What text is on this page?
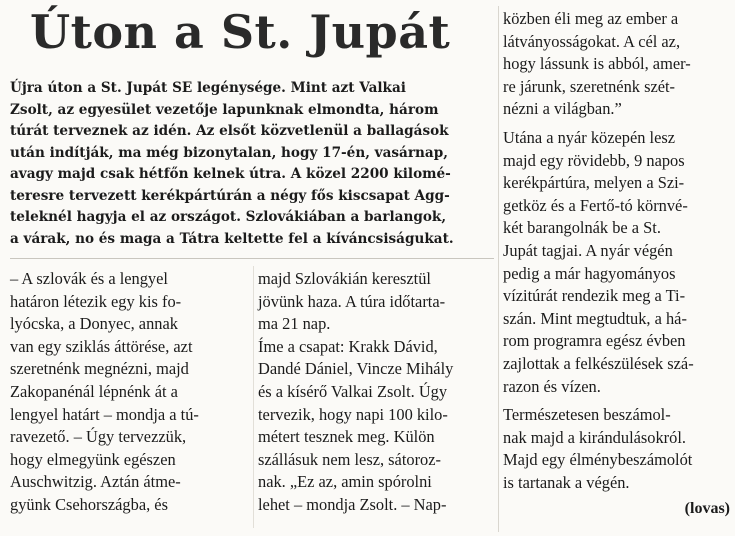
Úton a St. Jupát
Újra úton a St. Jupát SE legénysége. Mint azt Valkai
Zsolt, az egyesület vezetője lapunknak elmondta, három
túrát terveznek az idén. Az elsőt közvetlenül a ballagások
után indítják, ma még bizonytalan, hogy 17-én, vasárnap,
avagy majd csak hétfőn kelnek útra. A közel 2200 kilomé-
teresre tervezett kerékpártúrán a négy fős kiscsapat Agg-
teleknél hagyja el az országot. Szlovákiában a barlangok,
a várak, no és maga a Tátra keltette fel a kíváncsiságukat.
– A szlovák és a lengyel
határon létezik egy kis fo-
lyócska, a Donyec, annak
van egy sziklás áttörése, azt
szeretnénk megnézni, majd
Zakopanénál lépnénk át a
lengyel határt – mondja a tú-
ravezető. – Úgy tervezzük,
hogy elmegyünk egészen
Auschwitzig. Aztán átme-
gyünk Csehországba, és
majd Szlovákián keresztül
jövünk haza. A túra időtarta-
ma 21 nap.
Íme a csapat: Krakk Dávid,
Dandé Dániel, Vincze Mihály
és a kísérő Valkai Zsolt. Úgy
tervezik, hogy napi 100 kilo-
métert tesznek meg. Külön
szállásuk nem lesz, sátoroz-
nak. „Ez az, amin spórolni
lehet – mondja Zsolt. – Nap-
közben éli meg az ember a
látványosságokat. A cél az,
hogy lássunk is abból, amer-
re járunk, szeretnénk szét-
nézni a világban.”
Utána a nyár közepén lesz
majd egy rövidebb, 9 napos
kerékpártúra, melyen a Szi-
getköz és a Fertő-tó körnvé-
két barangolnák be a St.
Jupát tagjai. A nyár végén
pedig a már hagyományos
vízitúrát rendezik meg a Ti-
szán. Mint megtudtuk, a há-
rom programra egész évben
zajlottak a felkészülések szá-
razon és vízen.
Természetesen beszámol-
nak majd a kirándulásokról.
Majd egy élménybeszámolót
is tartanak a végén.
(lovas)
